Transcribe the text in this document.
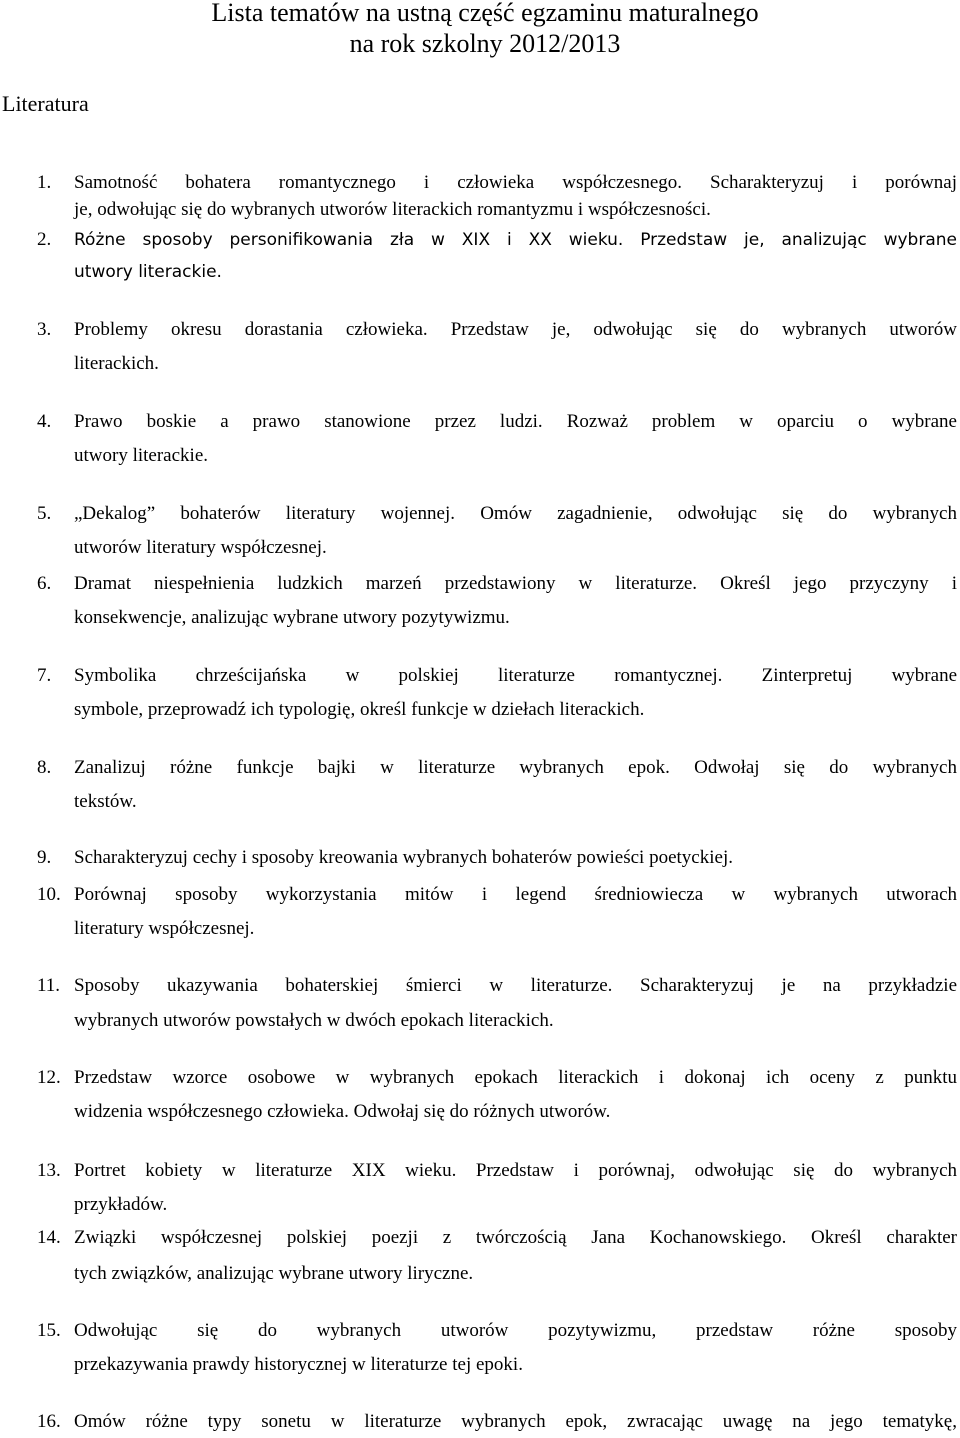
Lista tematów na ustną część egzaminu maturalnego
na rok szkolny 2012/2013
Literatura
1. Samotność bohatera romantycznego i człowieka współczesnego. Scharakteryzuj i porównaj
je, odwołując się do wybranych utworów literackich romantyzmu i współczesności.
2. Różne sposoby personifikowania zła w XIX i XX wieku. Przedstaw je, analizując wybrane
utwory literackie.
3. Problemy okresu dorastania człowieka. Przedstaw je, odwołując się do wybranych utworów
literackich.
4. Prawo boskie a prawo stanowione przez ludzi. Rozważ problem w oparciu o wybrane
utwory literackie.
5. „Dekalog” bohaterów literatury wojennej. Omów zagadnienie, odwołując się do wybranych
utworów literatury współczesnej.
6. Dramat niespełnienia ludzkich marzeń przedstawiony w literaturze. Określ jego przyczyny i
konsekwencje, analizując wybrane utwory pozytywizmu.
7. Symbolika chrześcijańska w polskiej literaturze romantycznej. Zinterpretuj wybrane
symbole, przeprowadź ich typologię, określ funkcje w dziełach literackich.
8. Zanalizuj różne funkcje bajki w literaturze wybranych epok. Odwołaj się do wybranych
tekstów.
9. Scharakteryzuj cechy i sposoby kreowania wybranych bohaterów powieści poetyckiej.
10. Porównaj sposoby wykorzystania mitów i legend średniowiecza w wybranych utworach
literatury współczesnej.
11. Sposoby ukazywania bohaterskiej śmierci w literaturze. Scharakteryzuj je na przykładzie
wybranych utworów powstałych w dwóch epokach literackich.
12. Przedstaw wzorce osobowe w wybranych epokach literackich i dokonaj ich oceny z punktu
widzenia współczesnego człowieka. Odwołaj się do różnych utworów.
13. Portret kobiety w literaturze XIX wieku. Przedstaw i porównaj, odwołując się do wybranych
przykładów.
14. Związki współczesnej polskiej poezji z twórczością Jana Kochanowskiego. Określ charakter
tych związków, analizując wybrane utwory liryczne.
15. Odwołując się do wybranych utworów pozytywizmu, przedstaw różne sposoby
przekazywania prawdy historycznej w literaturze tej epoki.
16. Omów różne typy sonetu w literaturze wybranych epok, zwracając uwagę na jego tematykę,
